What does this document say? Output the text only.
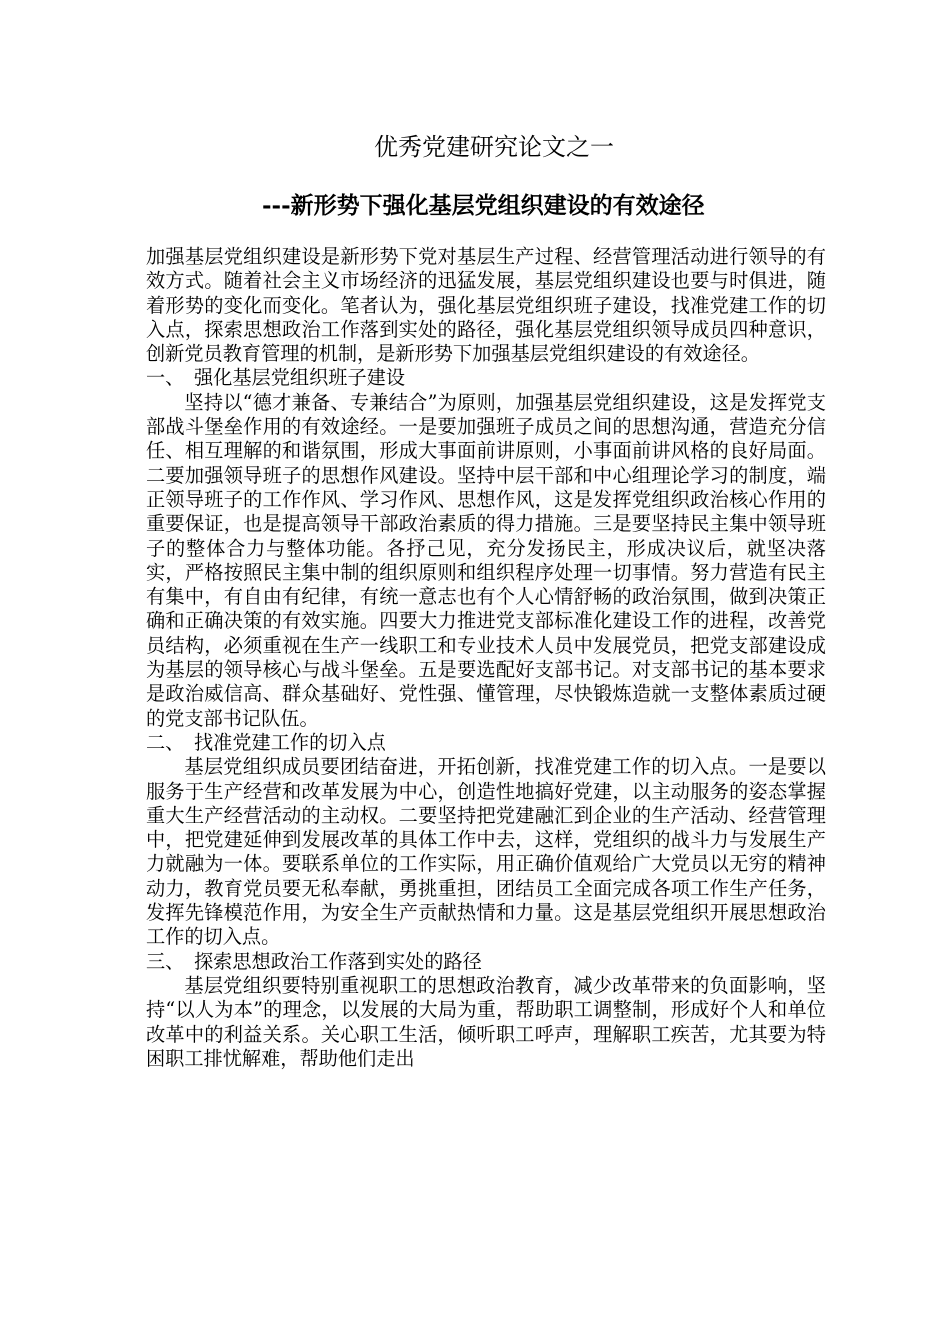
优秀党建研究论文之一
---新形势下强化基层党组织建设的有效途径

加强基层党组织建设是新形势下党对基层生产过程、经营管理活动进行领导的有效方式。随着社会主义市场经济的迅猛发展，基层党组织建设也要与时俱进，随着形势的变化而变化。笔者认为，强化基层党组织班子建设，找准党建工作的切入点，探索思想政治工作落到实处的路径，强化基层党组织领导成员四种意识，创新党员教育管理的机制，是新形势下加强基层党组织建设的有效途径。

一、　强化基层党组织班子建设

坚持以“德才兼备、专兼结合”为原则，加强基层党组织建设，这是发挥党支部战斗堡垒作用的有效途经。一是要加强班子成员之间的思想沟通，营造充分信任、相互理解的和谐氛围，形成大事面前讲原则，小事面前讲风格的良好局面。二要加强领导班子的思想作风建设。坚持中层干部和中心组理论学习的制度，端正领导班子的工作作风、学习作风、思想作风，这是发挥党组织政治核心作用的重要保证，也是提高领导干部政治素质的得力措施。三是要坚持民主集中领导班子的整体合力与整体功能。各抒己见，充分发扬民主，形成决议后，就坚决落实，严格按照民主集中制的组织原则和组织程序处理一切事情。努力营造有民主有集中，有自由有纪律，有统一意志也有个人心情舒畅的政治氛围，做到决策正确和正确决策的有效实施。四要大力推进党支部标准化建设工作的进程，改善党员结构，必须重视在生产一线职工和专业技术人员中发展党员，把党支部建设成为基层的领导核心与战斗堡垒。五是要选配好支部书记。对支部书记的基本要求是政治威信高、群众基础好、党性强、懂管理，尽快锻炼造就一支整体素质过硬的党支部书记队伍。

二、　找准党建工作的切入点

基层党组织成员要团结奋进，开拓创新，找准党建工作的切入点。一是要以服务于生产经营和改革发展为中心，创造性地搞好党建，以主动服务的姿态掌握重大生产经营活动的主动权。二要坚持把党建融汇到企业的生产活动、经营管理中，把党建延伸到发展改革的具体工作中去，这样，党组织的战斗力与发展生产力就融为一体。要联系单位的工作实际，用正确价值观给广大党员以无穷的精神动力，教育党员要无私奉献，勇挑重担，团结员工全面完成各项工作生产任务，发挥先锋模范作用，为安全生产贡献热情和力量。这是基层党组织开展思想政治工作的切入点。

三、　探索思想政治工作落到实处的路径

基层党组织要特别重视职工的思想政治教育，减少改革带来的负面影响，坚持“以人为本”的理念，以发展的大局为重，帮助职工调整制，形成好个人和单位改革中的利益关系。关心职工生活，倾听职工呼声，理解职工疾苦，尤其要为特困职工排忧解难，帮助他们走出
